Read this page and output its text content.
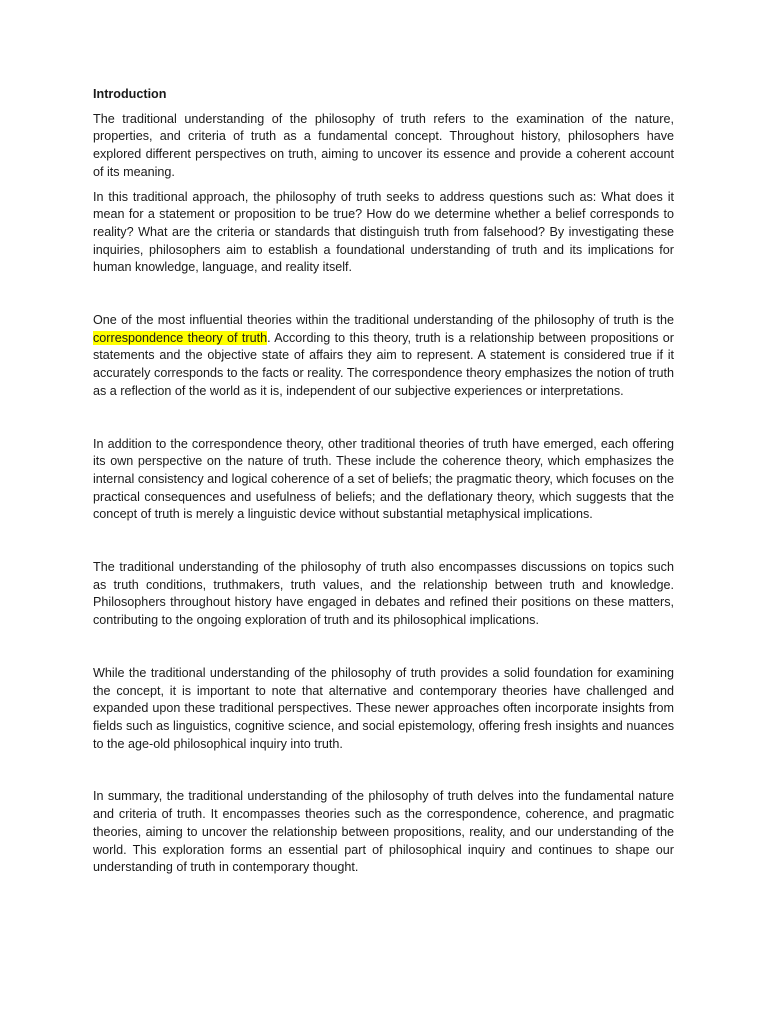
Introduction

The traditional understanding of the philosophy of truth refers to the examination of the nature, properties, and criteria of truth as a fundamental concept. Throughout history, philosophers have explored different perspectives on truth, aiming to uncover its essence and provide a coherent account of its meaning.

In this traditional approach, the philosophy of truth seeks to address questions such as: What does it mean for a statement or proposition to be true? How do we determine whether a belief corresponds to reality? What are the criteria or standards that distinguish truth from falsehood? By investigating these inquiries, philosophers aim to establish a foundational understanding of truth and its implications for human knowledge, language, and reality itself.

One of the most influential theories within the traditional understanding of the philosophy of truth is the correspondence theory of truth. According to this theory, truth is a relationship between propositions or statements and the objective state of affairs they aim to represent. A statement is considered true if it accurately corresponds to the facts or reality. The correspondence theory emphasizes the notion of truth as a reflection of the world as it is, independent of our subjective experiences or interpretations.

In addition to the correspondence theory, other traditional theories of truth have emerged, each offering its own perspective on the nature of truth. These include the coherence theory, which emphasizes the internal consistency and logical coherence of a set of beliefs; the pragmatic theory, which focuses on the practical consequences and usefulness of beliefs; and the deflationary theory, which suggests that the concept of truth is merely a linguistic device without substantial metaphysical implications.

The traditional understanding of the philosophy of truth also encompasses discussions on topics such as truth conditions, truthmakers, truth values, and the relationship between truth and knowledge. Philosophers throughout history have engaged in debates and refined their positions on these matters, contributing to the ongoing exploration of truth and its philosophical implications.

While the traditional understanding of the philosophy of truth provides a solid foundation for examining the concept, it is important to note that alternative and contemporary theories have challenged and expanded upon these traditional perspectives. These newer approaches often incorporate insights from fields such as linguistics, cognitive science, and social epistemology, offering fresh insights and nuances to the age-old philosophical inquiry into truth.

In summary, the traditional understanding of the philosophy of truth delves into the fundamental nature and criteria of truth. It encompasses theories such as the correspondence, coherence, and pragmatic theories, aiming to uncover the relationship between propositions, reality, and our understanding of the world. This exploration forms an essential part of philosophical inquiry and continues to shape our understanding of truth in contemporary thought.
